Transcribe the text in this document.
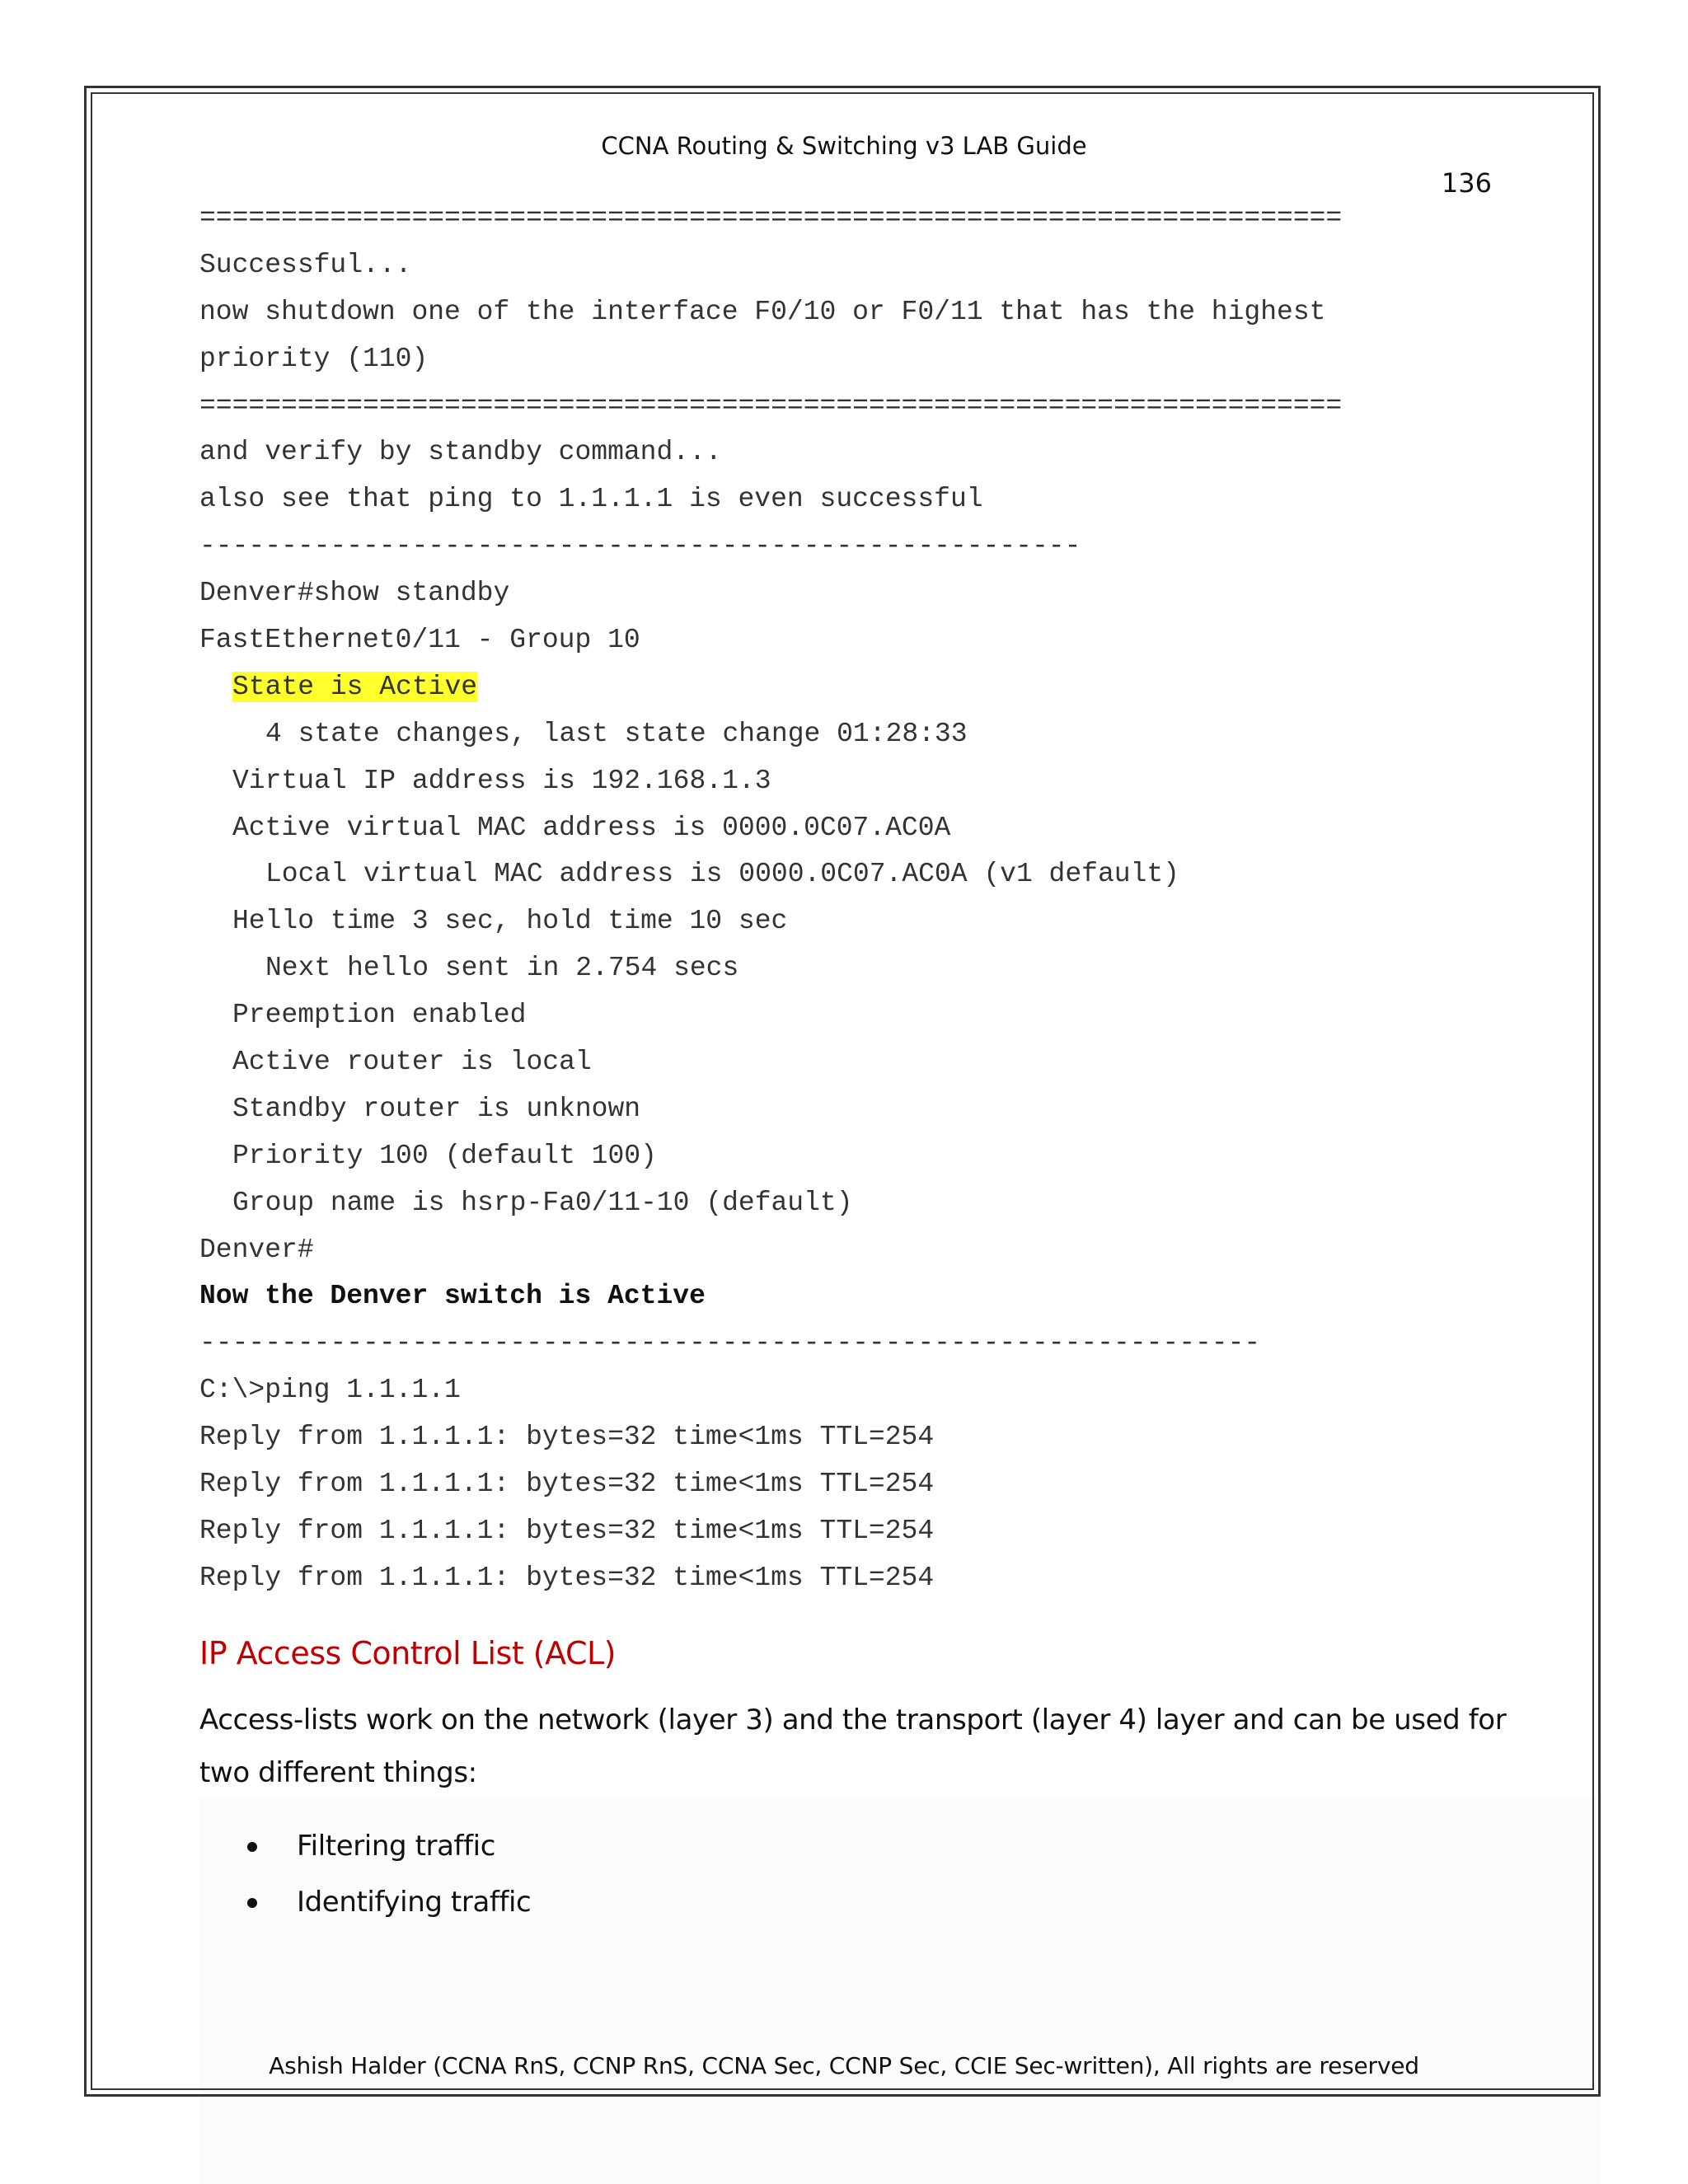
CCNA Routing & Switching v3 LAB Guide

136
======================================================================
Successful...
now shutdown one of the interface F0/10 or F0/11 that has the highest
priority (110)
======================================================================
and verify by standby command...
also see that ping to 1.1.1.1 is even successful
------------------------------------------------------
Denver#show standby
FastEthernet0/11 - Group 10
State is Active
4 state changes, last state change 01:28:33
Virtual IP address is 192.168.1.3
Active virtual MAC address is 0000.0C07.AC0A
Local virtual MAC address is 0000.0C07.AC0A (v1 default)
Hello time 3 sec, hold time 10 sec
Next hello sent in 2.754 secs
Preemption enabled
Active router is local
Standby router is unknown
Priority 100 (default 100)
Group name is hsrp-Fa0/11-10 (default)
Denver#
Now the Denver switch is Active
-----------------------------------------------------------------
C:\>ping 1.1.1.1
Reply from 1.1.1.1: bytes=32 time<1ms TTL=254
Reply from 1.1.1.1: bytes=32 time<1ms TTL=254
Reply from 1.1.1.1: bytes=32 time<1ms TTL=254
Reply from 1.1.1.1: bytes=32 time<1ms TTL=254
IP Access Control List (ACL)

Access-lists work on the network (layer 3) and the transport (layer 4) layer and can be used for two different things:

Filtering traffic
Identifying traffic

Ashish Halder (CCNA RnS, CCNP RnS, CCNA Sec, CCNP Sec, CCIE Sec-written), All rights are reserved
